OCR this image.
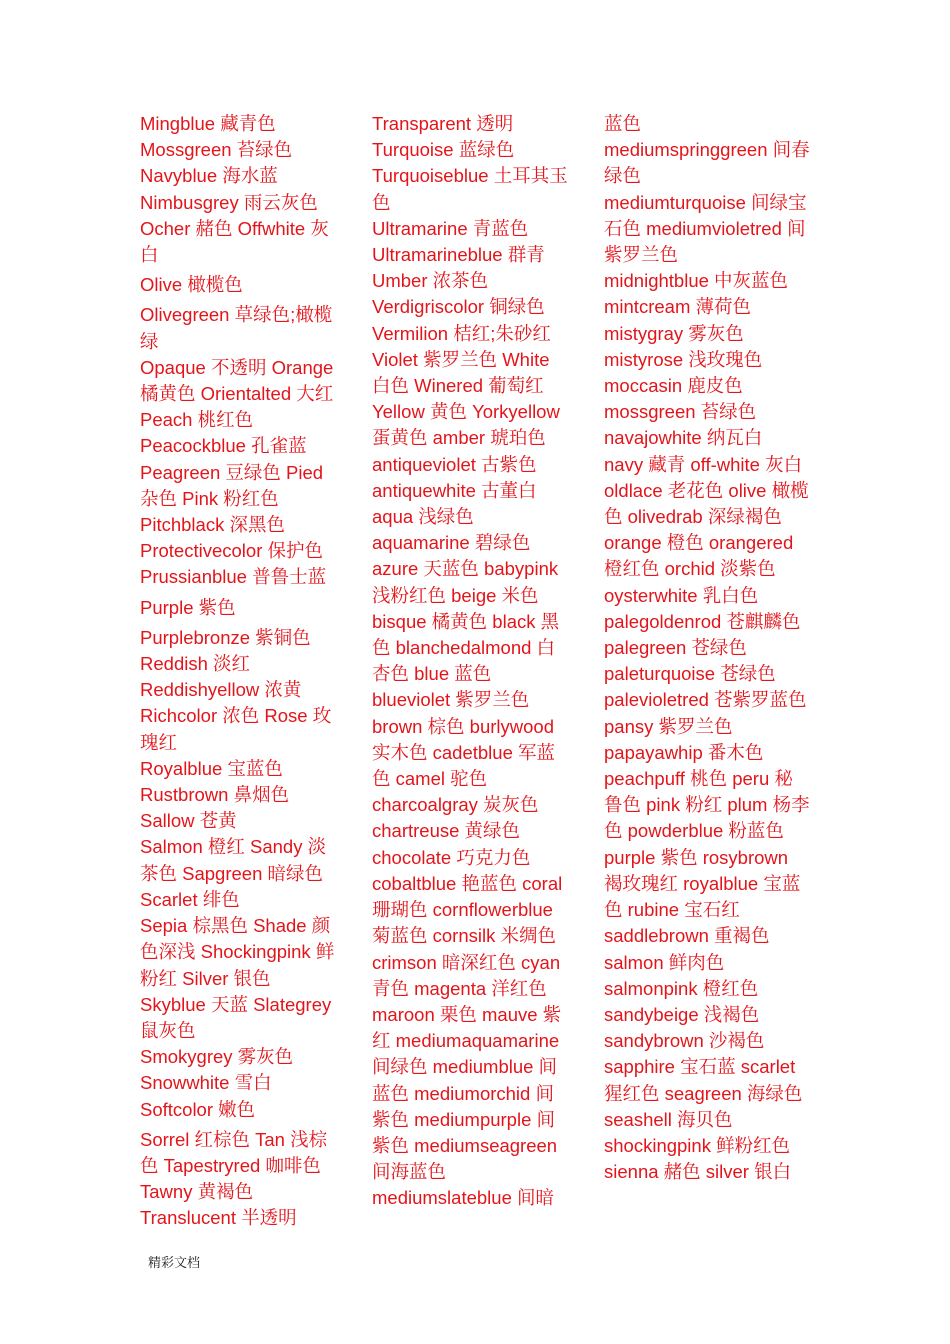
Mingblue 藏青色

Mossgreen 苔绿色

Navyblue 海水蓝

Nimbusgrey 雨云灰色

Ocher 赭色 Offwhite 灰白

Olive 橄榄色

Olivegreen 草绿色;橄榄绿

Opaque 不透明 Orange 橘黄色 Orientalted 大红

Peach 桃红色

Peacockblue 孔雀蓝

Peagreen 豆绿色 Pied 杂色 Pink 粉红色

Pitchblack 深黑色

Protectivecolor 保护色

Prussianblue 普鲁士蓝

Purple 紫色

Purplebronze 紫铜色

Reddish 淡红

Reddishyellow 浓黄

Richcolor 浓色 Rose 玫瑰红

Royalblue 宝蓝色

Rustbrown 鼻烟色

Sallow 苍黄

Salmon 橙红 Sandy 淡茶色 Sapgreen 暗绿色

Scarlet 绯色

Sepia 棕黑色 Shade 颜色深浅 Shockingpink 鲜粉红 Silver 银色 Skyblue 天蓝 Slategrey 鼠灰色

Smokygrey 雾灰色

Snowwhite 雪白

Softcolor 嫩色

Sorrel 红棕色 Tan 浅棕色 Tapestryred 咖啡色

Tawny 黄褐色

Translucent 半透明

Transparent 透明

Turquoise 蓝绿色

Turquoiseblue 土耳其玉色

Ultramarine 青蓝色

Ultramarineblue 群青

Umber 浓茶色

Verdigriscolor 铜绿色

Vermilion 桔红;朱砂红

Violet 紫罗兰色 White 白色 Winered 葡萄红

Yellow 黄色 Yorkyellow 蛋黄色 amber 琥珀色

antiqueviolet 古紫色

antiquewhite 古董白

aqua 浅绿色

aquamarine 碧绿色

azure 天蓝色 babypink 浅粉红色 beige 米色

bisque 橘黄色 black 黑色 blanchedalmond 白杏色 blue 蓝色

blueviolet 紫罗兰色

brown 棕色 burlywood 实木色 cadetblue 军蓝色 camel 驼色

charcoalgray 炭灰色

chartreuse 黄绿色

chocolate 巧克力色

cobaltblue 艳蓝色 coral 珊瑚色 cornflowerblue 菊蓝色 cornsilk 米绸色

crimson 暗深红色 cyan 青色 magenta 洋红色

maroon 栗色 mauve 紫红 mediumaquamarine 间绿色 mediumblue 间蓝色 mediumorchid 间紫色 mediumpurple 间紫色 mediumseagreen 间海蓝色

mediumslateblue 间暗

蓝色

mediumspringgreen 间春绿色

mediumturquoise 间绿宝石色 mediumvioletred 间紫罗兰色

midnightblue 中灰蓝色

mintcream 薄荷色

mistygray 雾灰色

mistyrose 浅玫瑰色

moccasin 鹿皮色

mossgreen 苔绿色

navajowhite 纳瓦白

navy 藏青 off-white 灰白

oldlace 老花色 olive 橄榄色 olivedrab 深绿褐色

orange 橙色 orangered 橙红色 orchid 淡紫色

oysterwhite 乳白色

palegoldenrod 苍麒麟色

palegreen 苍绿色

paleturquoise 苍绿色

palevioletred 苍紫罗蓝色

pansy 紫罗兰色

papayawhip 番木色

peachpuff 桃色 peru 秘鲁色 pink 粉红 plum 杨李色 powderblue 粉蓝色

purple 紫色 rosybrown 褐玫瑰红 royalblue 宝蓝色 rubine 宝石红

saddlebrown 重褐色

salmon 鲜肉色

salmonpink 橙红色

sandybeige 浅褐色

sandybrown 沙褐色

sapphire 宝石蓝 scarlet 猩红色 seagreen 海绿色

seashell 海贝色

shockingpink 鲜粉红色

sienna 赭色 silver 银白

精彩文档
